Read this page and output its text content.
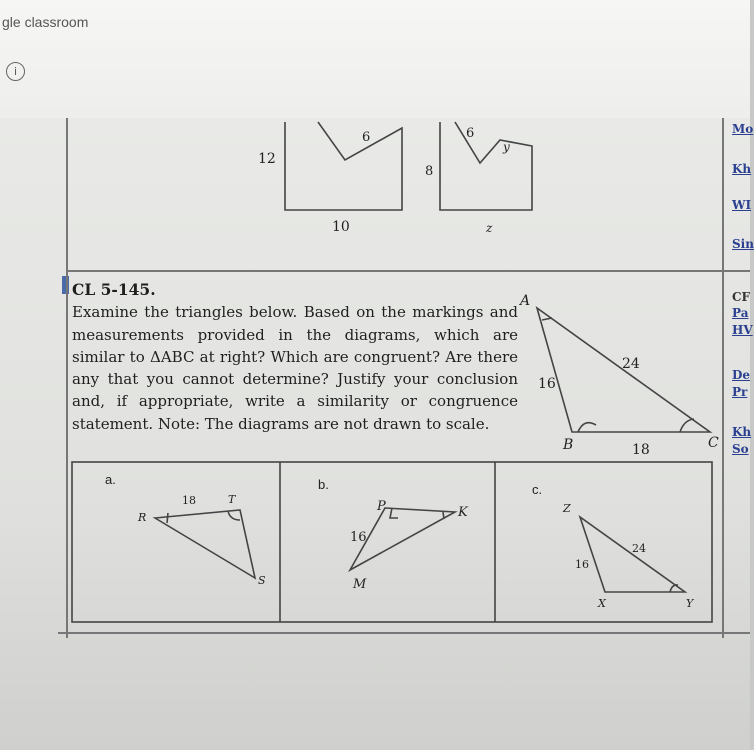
gle classroom
i
Mo
Kh
WI
Sin
CF
Pa
HV
De
Pr
Kh
So
CL 5-145.
Examine the triangles below. Based on the markings and measurements provided in the diagrams, which are similar to ΔABC at right? Which are congruent? Are there any that you cannot determine? Justify your conclusion and, if appropriate, write a similarity or congruence statement. Note: The diagrams are not drawn to scale.
6
12
10
6
y
8
z
A
16
24
B	18	C
a.
R
18	T
S
b.
P	K
16
M
c.
Z
24
16
X	Y
